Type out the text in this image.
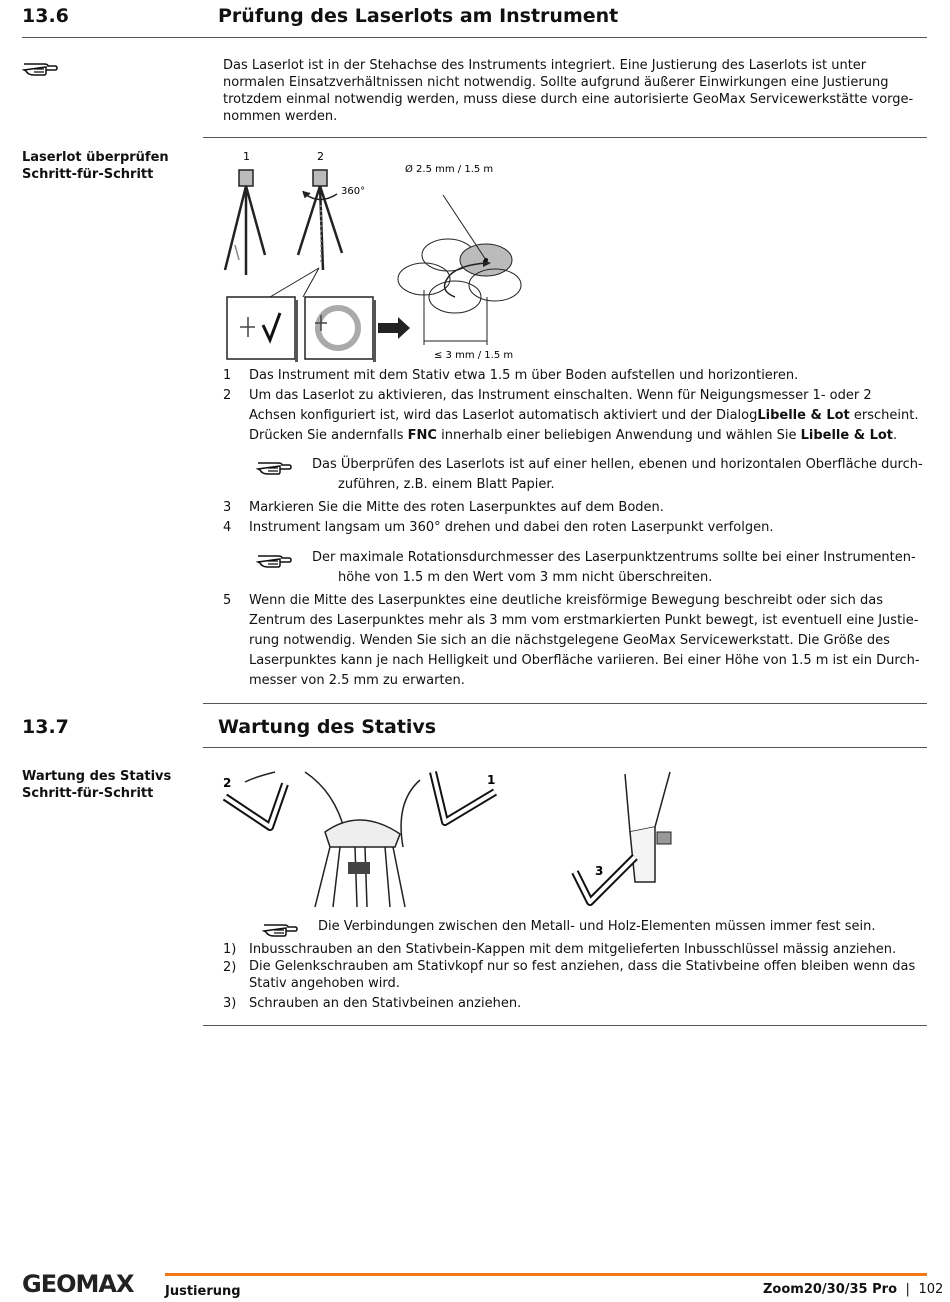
13.6	Prüfung des Laserlots am Instrument
Das Laserlot ist in der Stehachse des Instruments integriert. Eine Justierung des Laserlots ist unter
normalen Einsatzverhältnissen nicht notwendig. Sollte aufgrund äußerer Einwirkungen eine Justierung
trotzdem einmal notwendig werden, muss diese durch eine autorisierte GeoMax Servicewerkstätte vorge-
nommen werden.
Laserlot überprüfen
Schritt-für-Schritt
1	2
360°
Ø 2.5 mm / 1.5 m
≤ 3 mm / 1.5 m
1 Das Instrument mit dem Stativ etwa 1.5 m über Boden aufstellen und horizontieren.
2 Um das Laserlot zu aktivieren, das Instrument einschalten. Wenn für Neigungsmesser 1- oder 2
Achsen konfiguriert ist, wird das Laserlot automatisch aktiviert und der DialogLibelle & Lot erscheint.
Drücken Sie andernfalls FNC innerhalb einer beliebigen Anwendung und wählen Sie Libelle & Lot.
Das Überprüfen des Laserlots ist auf einer hellen, ebenen und horizontalen Oberfläche durch-
zuführen, z.B. einem Blatt Papier.
3 Markieren Sie die Mitte des roten Laserpunktes auf dem Boden.
4 Instrument langsam um 360° drehen und dabei den roten Laserpunkt verfolgen.
Der maximale Rotationsdurchmesser des Laserpunktzentrums sollte bei einer Instrumenten-
höhe von 1.5 m den Wert vom 3 mm nicht überschreiten.
5 Wenn die Mitte des Laserpunktes eine deutliche kreisförmige Bewegung beschreibt oder sich das
Zentrum des Laserpunktes mehr als 3 mm vom erstmarkierten Punkt bewegt, ist eventuell eine Justie-
rung notwendig. Wenden Sie sich an die nächstgelegene GeoMax Servicewerkstatt. Die Größe des
Laserpunktes kann je nach Helligkeit und Oberfläche variieren. Bei einer Höhe von 1.5 m ist ein Durch-
messer von 2.5 mm zu erwarten.
13.7	Wartung des Stativs
Wartung des Stativs
Schritt-für-Schritt
2	1
3
Die Verbindungen zwischen den Metall- und Holz-Elementen müssen immer fest sein.
1) Inbusschrauben an den Stativbein-Kappen mit dem mitgelieferten Inbusschlüssel mässig anziehen.
2) Die Gelenkschrauben am Stativkopf nur so fest anziehen, dass die Stativbeine offen bleiben wenn das
Stativ angehoben wird.
3) Schrauben an den Stativbeinen anziehen.
GEOMAX Justierung	Zoom20/30/35 Pro | 102
